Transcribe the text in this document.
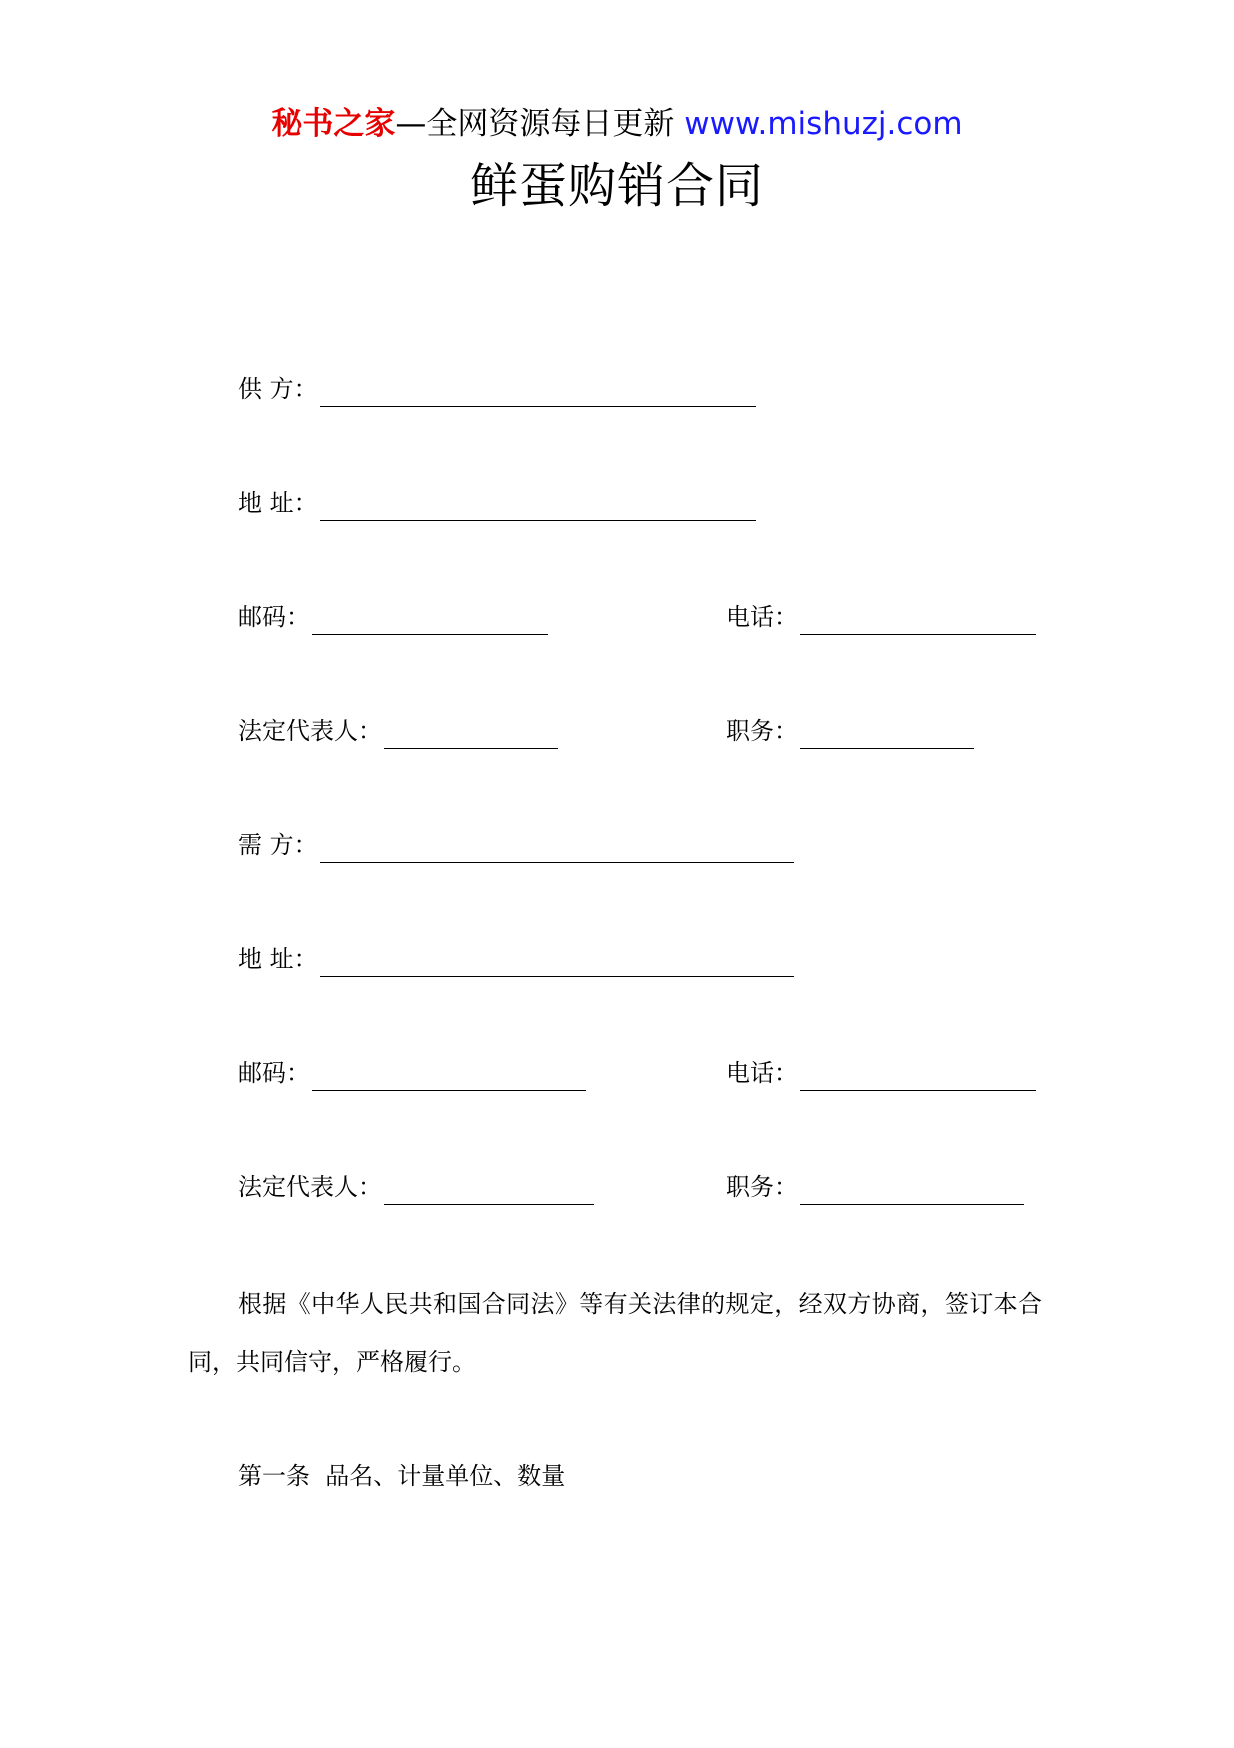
秘书之家—全网资源每日更新 www.mishuzj.com
鲜蛋购销合同
供 方：
地 址：
邮码：	电话：
法定代表人：	职务：
需 方：
地 址：
邮码：	电话：
法定代表人：	职务：
根据《中华人民共和国合同法》等有关法律的规定，经双方协商，签订本合同，共同信守，严格履行。
第一条  品名、计量单位、数量
